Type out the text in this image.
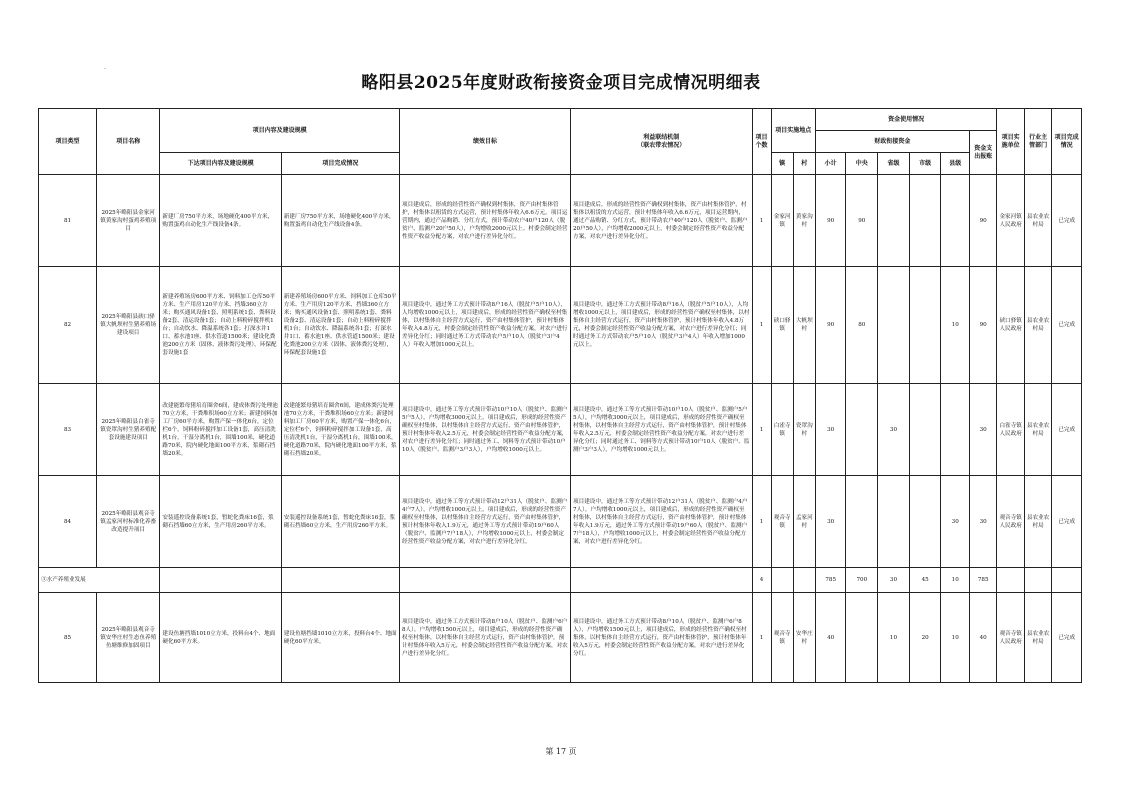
.
略阳县2025年度财政衔接资金项目完成情况明细表
项目类型	项目名称	项目内容及建设规模		绩效目标	利益联结机制
（联农带农情况）	项目个数	项目实施地点		资金使用情况						项目实施单位	行业主管部门	项目完成情况
									财政衔接资金					资金支出报账			
		下达项目内容及建设规模	项目完成情况				镇	村	小计	中央	省级	市级	县级				
81	2025年略阳县金家河镇黄家沟村蛋鸡养殖项目	新建厂房750平方米，场地硬化400平方米，购置蛋鸡自动化生产线设备4条。	新建厂房750平方米，场地硬化400平方米，购置蛋鸡自动化生产线设备4条。	项目建成后，形成的经营性资产确权到村集体，资产由村集体管护，村集体以租赁的方式运营，预计村集体年收入6.6万元，项目运营期内，通过产品购销、分红方式，预计带动农户40户120人（脱贫户、监测户20户50人），户均增收2000元以上。村委会制定经营性资产收益分配方案，对农户进行差异化分红。	项目建成后，形成的经营性资产确权到村集体，资产由村集体管护，村集体以租赁的方式运营，预计村集体年收入6.6万元，项目运营期内，通过产品购销、分红方式，预计带动农户40户120人（脱贫户、监测户20户50人），户均增收2000元以上。村委会制定经营性资产收益分配方案，对农户进行差异化分红。	1	金家河镇	黄家沟村	90	90				90	金家河镇人民政府	县农业农村局	已完成
82	2025年略阳县硖口驿镇大帆坝村生猪养殖场建设项目	新建养殖场房600平方米、饲料加工仓库50平方米、生产用房120平方米、挡墙360立方米；购买通风设备1套、照明系统1套、粪料设备2套、清运设备1套；自动上料粉碎搅拌机1台；自动饮水、降温系统各1套；打深水井1口、蓄水池1座、供水管道1500米；建设化粪池200立方米（固体、液体粪污处理），环保配套设施1套	新建养殖场房600平方米、饲料加工仓库50平方米、生产用房120平方米、挡墙360立方米；购买通风设备1套、照明系统1套、粪料设备2套、清运设备1套；自动上料粉碎搅拌机1台；自动饮水、降温系统各1套；打深水井1口、蓄水池1座、供水管道1500米；建设化粪池200立方米（固体、液体粪污处理），环保配套设施1套	项目建设中，通过务工方式预计带动8户16人（脱贫户5户10人），人均增收1000元以上，项目建成后，形成的经营性资产确权至村集体，以村集体自主经营方式运行，资产由村集体管护，预计村集体年收入4.8万元，村委会制定经营性资产收益分配方案，对农户进行差异化分红；同时通过务工方式带动农户5户10人（脱贫户3户4人）年收入增加1000元以上。	项目建设中，通过务工方式预计带动8户16人（脱贫户5户10人），人均增收1000元以上，项目建成后，形成的经营性资产确权至村集体，以村集体自主经营方式运行，资产由村集体管护，预计村集体年收入4.8万元，村委会制定经营性资产收益分配方案，对农户进行差异化分红；同时通过务工方式带动农户5户10人（脱贫户3户4人）年收入增加1000元以上。	1	硖口驿镇	大帆坝村	90	80			10	90	硖口驿镇人民政府	县农业农村局	已完成
83	2025年略阳县白雀寺镇瓷罩沟村生猪养殖配套设施建设项目	改建能繁母猪培育圈舍6间，建成体粪污处理池70立方米，干粪堆积场60立方米；新建饲料加工厂房60平方米，购置产保一体化6台，定位栏6个，饲料粉碎搅拌加工设备1套，高压清洗机1台，干湿分离机1台，围墙100米，硬化道路70米，院内硬化地面100平方米，浆砌石挡墙20米。	改建能繁母猪培育圈舍6间，建成体粪污处理池70立方米，干粪堆积场60立方米；新建饲料加工厂房60平方米，购置产保一体化6台，定位栏6个，饲料粉碎搅拌加工设备1套，高压清洗机1台，干湿分离机1台，围墙100米，硬化道路70米，院内硬化地面100平方米，浆砌石挡墙20米。	项目建设中，通过务工等方式预计带动10户10人（脱贫户、监测户5户5人），户均增收3000元以上，项目建成后，形成的经营性资产确权至村集体，以村集体自主经营方式运行，资产由村集体管护，预计村集体年收入2.5万元，村委会制定经营性资产收益分配方案，对农户进行差异化分红；同时通过务工、饲料等方式预计带动10户10人（脱贫户、监测户3户3人），户均增收1000元以上。	项目建设中，通过务工等方式预计带动10户10人（脱贫户、监测户5户5人），户均增收3000元以上，项目建成后，形成的经营性资产确权至村集体，以村集体自主经营方式运行，资产由村集体管护，预计村集体年收入2.5万元，村委会制定经营性资产收益分配方案，对农户进行差异化分红；同时通过务工、饲料等方式预计带动10户10人（脱贫户、监测户3户3人），户均增收1000元以上。	1	白雀寺镇	瓷罩沟村	30		30			30	白雀寺镇人民政府	县农业农村局	已完成
84	2025年略阳县观音寺镇孟家河村标准化养畜改造提升项目	安装遥控设备系统1套，暂蛇化粪床16套，浆砌石挡墙60立方米，生产用房260平方米。	安装遥控设备系统1套，暂蛇化粪床16套，浆砌石挡墙60立方米，生产用房260平方米。	项目建设中，通过务工等方式预计带动12户31人（脱贫户、监测户4户7人），户均增收1000元以上，项目建成后，形成的经营性资产确权至村集体，以村集体自主经营方式运行，资产由村集体管护，预计村集体年收入1.9万元，通过务工等方式预计带动19户60人（脱贫户、监测户7户18人），户均增收1000元以上，村委会制定经营性资产收益分配方案，对农户进行差异化分红。	项目建设中，通过务工等方式预计带动12户31人（脱贫户、监测户4户7人），户均增收1000元以上，项目建成后，形成的经营性资产确权至村集体，以村集体自主经营方式运行，资产由村集体管护，预计村集体年收入1.9万元，通过务工等方式预计带动19户60人（脱贫户、监测户7户18人），户均增收1000元以上，村委会制定经营性资产收益分配方案，对农户进行差异化分红。	1	观音寺镇	孟家河村	30				30	30	观音寺镇人民政府	县农业农村局	已完成
③水产养殖业发展						4			785	700	30	45	10	785			
85	2025年略阳县观音寺镇安华庄村生态鱼养殖鱼塘维修加固项目	建设鱼塘挡墙1010立方米，投料台4个、地面硬化60平方米。	建设鱼塘挡墙1010立方米，投料台4个、地面硬化60平方米。	项目建设中，通过务工方式预计带动8户10人（脱贫户、监测户6户8人），户均增收1500元以上，项目建成后，形成的经营性资产确权至村集体，以村集体自主经营方式运行，资产由村集体管护，预计村集体年收入5万元，村委会制定经营性资产收益分配方案，对农户进行差异化分红。	项目建设中，通过务工方式预计带动8户10人（脱贫户、监测户6户8人），户均增收1500元以上，项目建成后，形成的经营性资产确权至村集体，以村集体自主经营方式运行，资产由村集体管护，预计村集体年收入5万元，村委会制定经营性资产收益分配方案，对农户进行差异化分红。	1	观音寺镇	安华庄村	40		10	20	10	40	观音寺镇人民政府	县农业农村局	已完成
第 17 页
